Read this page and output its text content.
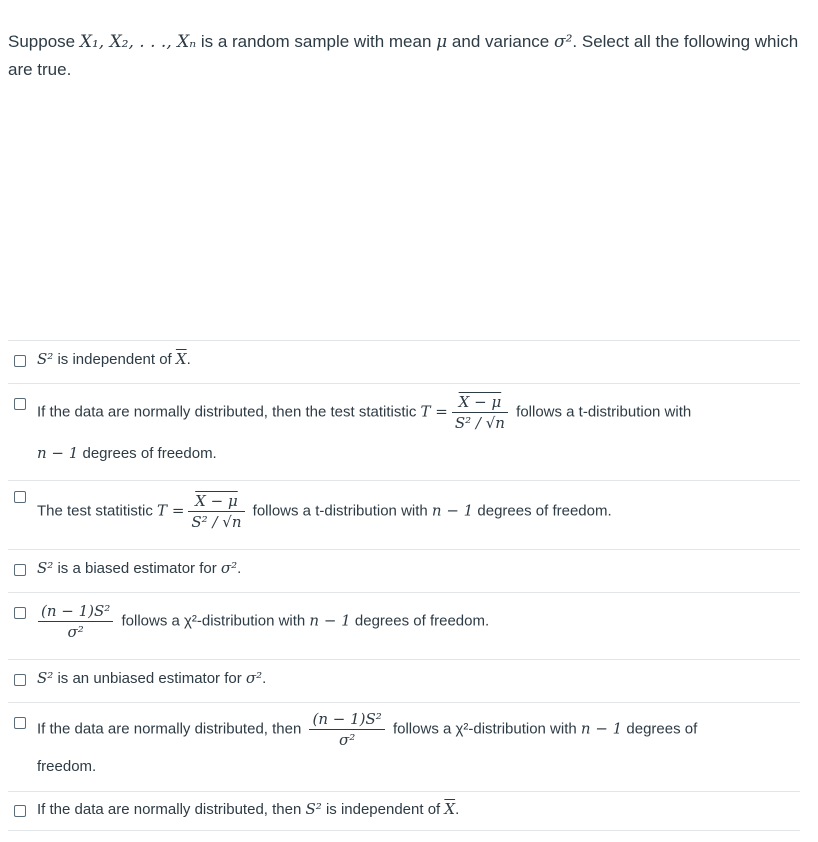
Suppose X₁, X₂, . . ., Xₙ is a random sample with mean μ and variance σ². Select all the following which are true.
S² is independent of $\overline{X}$.
If the data are normally distributed, then the test statitistic $T = \frac{X - \mu}{\text{S² / √n}}$ follows a t-distribution with
n − 1 degrees of freedom.
The test statitistic $T = \frac{X - \mu}{\text{S² / √n}}$ follows a t-distribution with n − 1 degrees of freedom.
S² is a biased estimator for σ².
$\frac{\text{(n − 1)S²}}{\text{σ²}}$ follows a χ²-distribution with n − 1 degrees of freedom.
S² is an unbiased estimator for σ².
If the data are normally distributed, then $\frac{\text{(n − 1)S²}}{\text{σ²}}$ follows a χ²-distribution with n − 1 degrees of
freedom.
If the data are normally distributed, then S² is independent of $\overline{X}$.
